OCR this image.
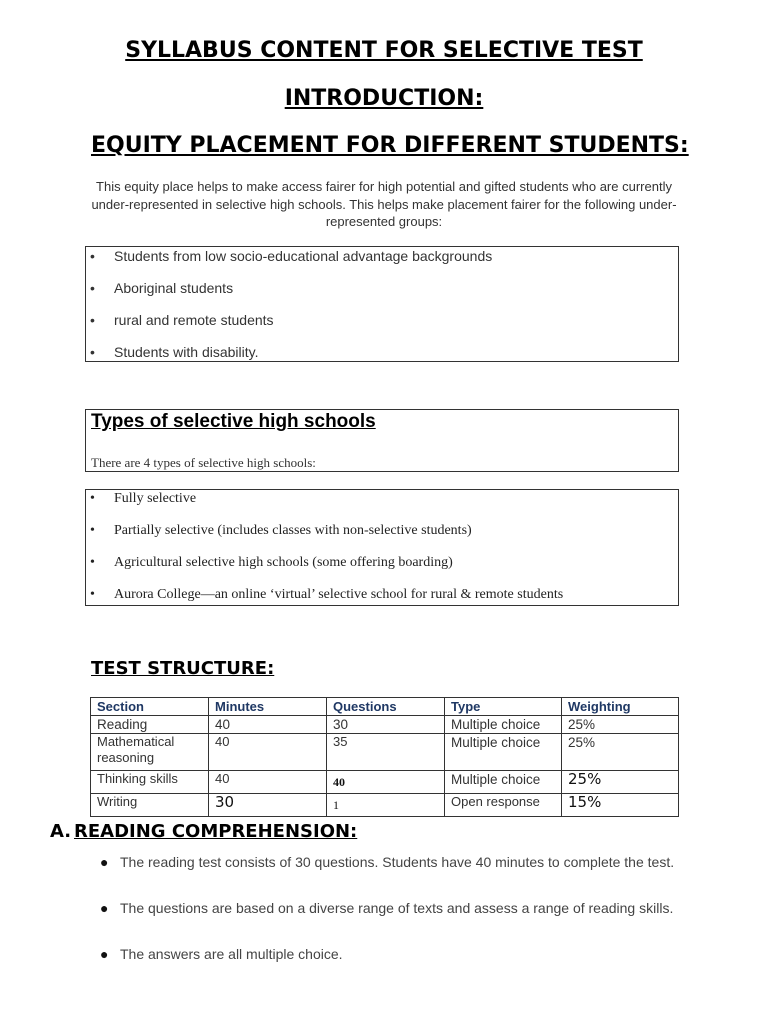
SYLLABUS CONTENT FOR SELECTIVE TEST
INTRODUCTION:
EQUITY PLACEMENT FOR DIFFERENT STUDENTS:
This equity place helps to make access fairer for high potential and gifted students who are currently under-represented in selective high schools. This helps make placement fairer for the following under-represented groups:
• Students from low socio-educational advantage backgrounds
• Aboriginal students
• rural and remote students
• Students with disability.
Types of selective high schools
There are 4 types of selective high schools:
• Fully selective
• Partially selective (includes classes with non-selective students)
• Agricultural selective high schools (some offering boarding)
• Aurora College—an online ‘virtual’ selective school for rural & remote students
TEST STRUCTURE:
Section	Minutes	Questions	Type	Weighting
Reading	40	30	Multiple choice	25%
Mathematical reasoning	40	35	Multiple choice	25%
Thinking skills	40	40	Multiple choice	25%
Writing	30	1	Open response	15%
A. READING COMPREHENSION:
● The reading test consists of 30 questions. Students have 40 minutes to complete the test.
● The questions are based on a diverse range of texts and assess a range of reading skills.
● The answers are all multiple choice.
